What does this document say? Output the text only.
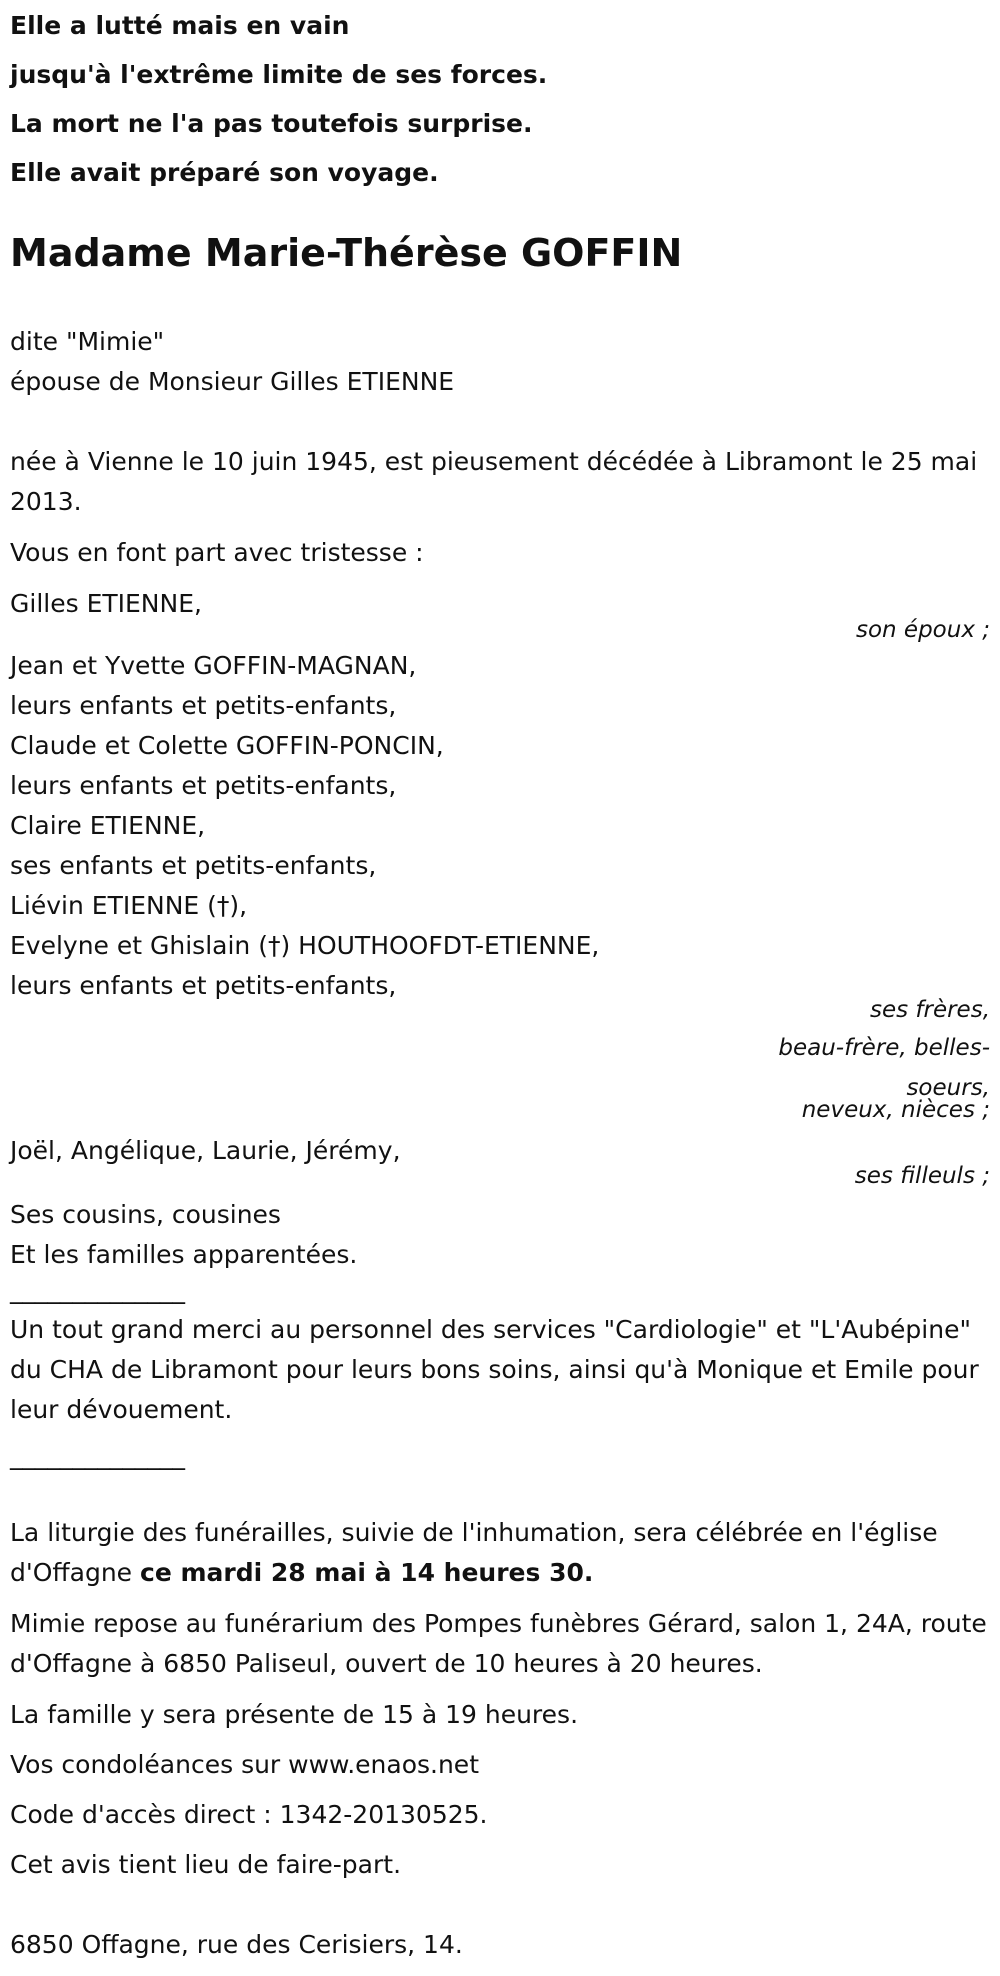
Elle a lutté mais en vain
jusqu'à l'extrême limite de ses forces.
La mort ne l'a pas toutefois surprise.
Elle avait préparé son voyage.
Madame Marie-Thérèse GOFFIN
dite "Mimie"
épouse de Monsieur Gilles ETIENNE
née à Vienne le 10 juin 1945, est pieusement décédée à Libramont le 25 mai 2013.
Vous en font part avec tristesse :
Gilles ETIENNE,
son époux ;
Jean et Yvette GOFFIN-MAGNAN,
leurs enfants et petits-enfants,
Claude et Colette GOFFIN-PONCIN,
leurs enfants et petits-enfants,
Claire ETIENNE,
ses enfants et petits-enfants,
Liévin ETIENNE (†),
Evelyne et Ghislain (†) HOUTHOOFDT-ETIENNE,
leurs enfants et petits-enfants,
ses frères,
beau-frère, belles-soeurs,
neveux, nièces ;
Joël, Angélique, Laurie, Jérémy,
ses filleuls ;
Ses cousins, cousines
Et les familles apparentées.
______________
Un tout grand merci au personnel des services "Cardiologie" et "L'Aubépine" du CHA de Libramont pour leurs bons soins, ainsi qu'à Monique et Emile pour leur dévouement.
______________
La liturgie des funérailles, suivie de l'inhumation, sera célébrée en l'église d'Offagne ce mardi 28 mai à 14 heures 30.
Mimie repose au funérarium des Pompes funèbres Gérard, salon 1, 24A, route d'Offagne à 6850 Paliseul, ouvert de 10 heures à 20 heures.
La famille y sera présente de 15 à 19 heures.
Vos condoléances sur www.enaos.net
Code d'accès direct : 1342-20130525.
Cet avis tient lieu de faire-part.
6850 Offagne, rue des Cerisiers, 14.
